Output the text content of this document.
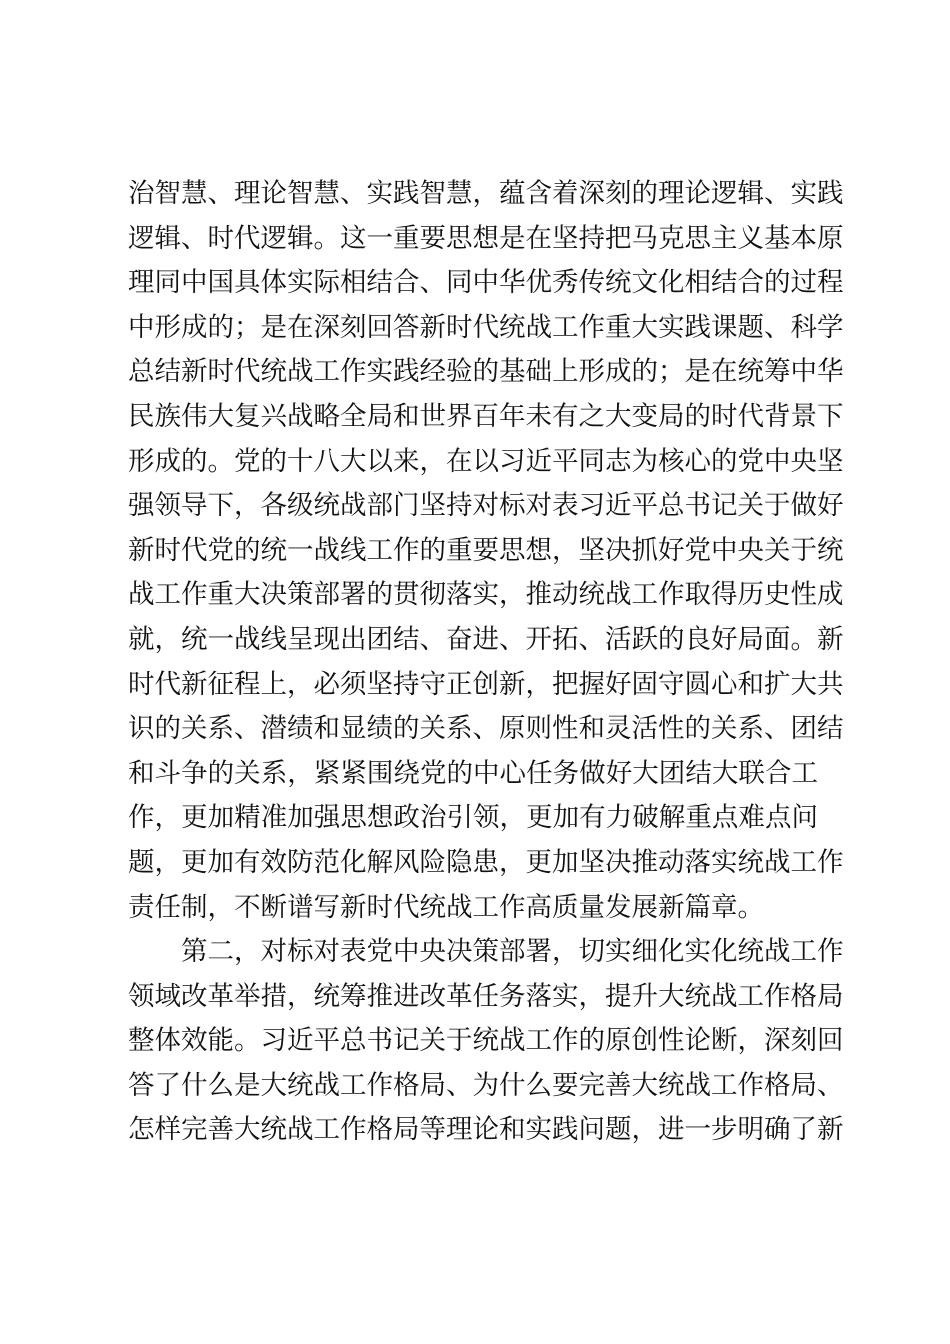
治智慧、理论智慧、实践智慧，蕴含着深刻的理论逻辑、实践
逻辑、时代逻辑。这一重要思想是在坚持把马克思主义基本原
理同中国具体实际相结合、同中华优秀传统文化相结合的过程
中形成的；是在深刻回答新时代统战工作重大实践课题、科学
总结新时代统战工作实践经验的基础上形成的；是在统筹中华
民族伟大复兴战略全局和世界百年未有之大变局的时代背景下
形成的。党的十八大以来，在以习近平同志为核心的党中央坚
强领导下，各级统战部门坚持对标对表习近平总书记关于做好
新时代党的统一战线工作的重要思想，坚决抓好党中央关于统
战工作重大决策部署的贯彻落实，推动统战工作取得历史性成
就，统一战线呈现出团结、奋进、开拓、活跃的良好局面。新
时代新征程上，必须坚持守正创新，把握好固守圆心和扩大共
识的关系、潜绩和显绩的关系、原则性和灵活性的关系、团结
和斗争的关系，紧紧围绕党的中心任务做好大团结大联合工
作，更加精准加强思想政治引领，更加有力破解重点难点问
题，更加有效防范化解风险隐患，更加坚决推动落实统战工作
责任制，不断谱写新时代统战工作高质量发展新篇章。
第二，对标对表党中央决策部署，切实细化实化统战工作
领域改革举措，统筹推进改革任务落实，提升大统战工作格局
整体效能。习近平总书记关于统战工作的原创性论断，深刻回
答了什么是大统战工作格局、为什么要完善大统战工作格局、
怎样完善大统战工作格局等理论和实践问题，进一步明确了新
